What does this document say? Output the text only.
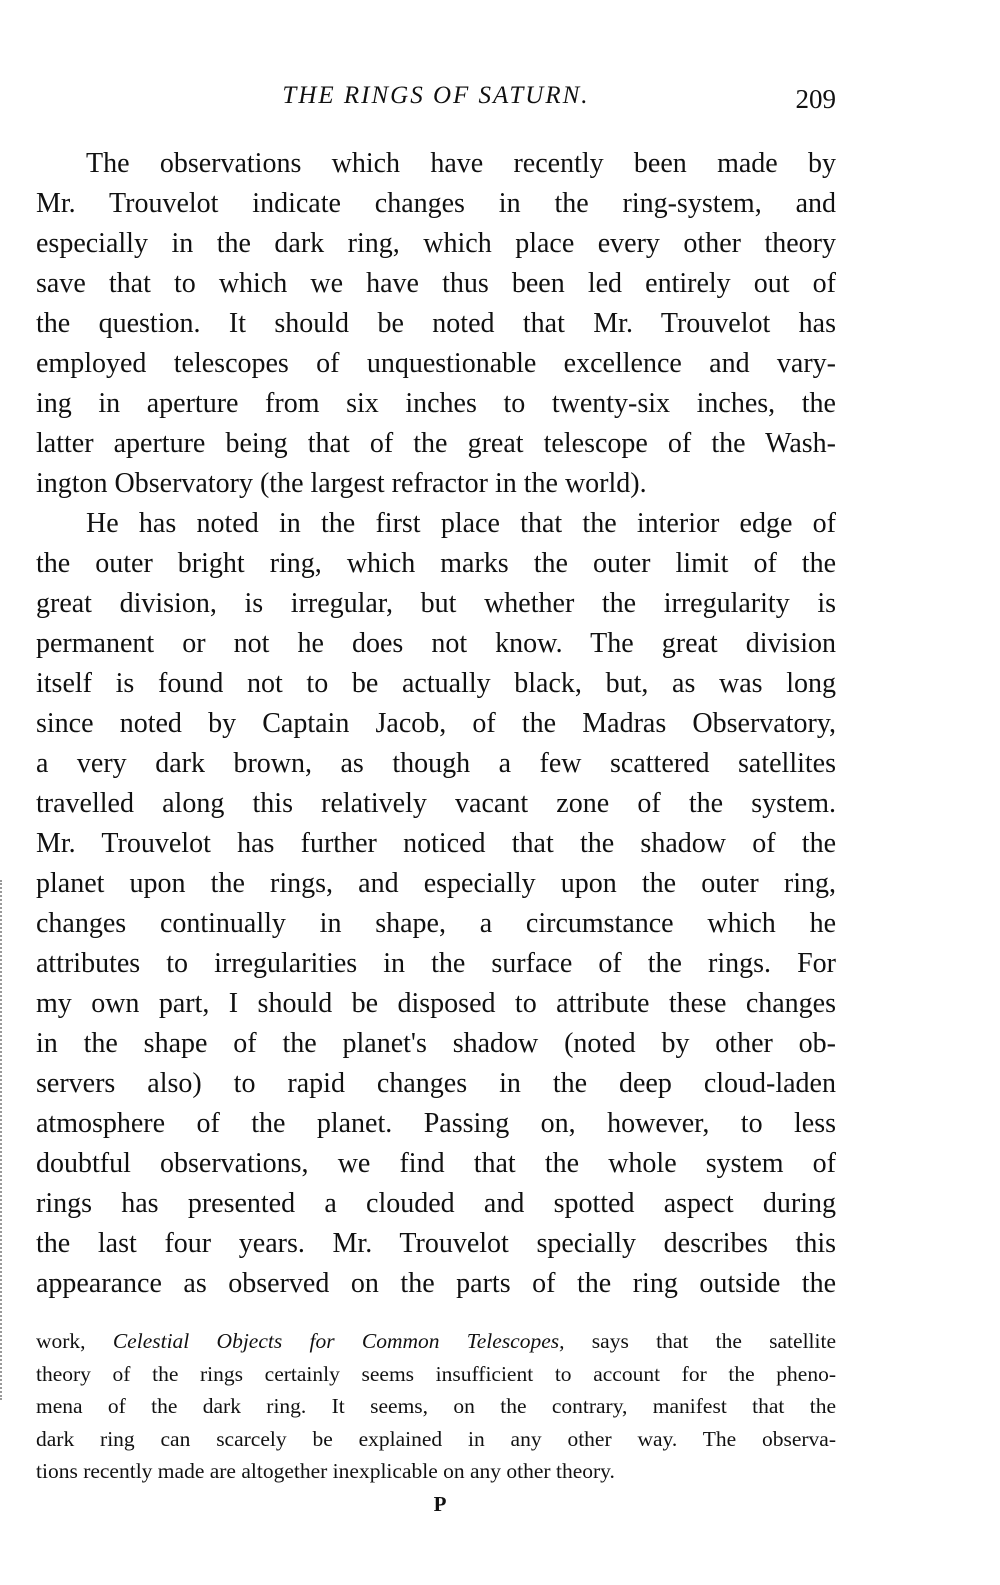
THE RINGS OF SATURN.	209
The observations which have recently been made by
Mr. Trouvelot indicate changes in the ring-system, and
especially in the dark ring, which place every other theory
save that to which we have thus been led entirely out of
the question. It should be noted that Mr. Trouvelot has
employed telescopes of unquestionable excellence and vary-
ing in aperture from six inches to twenty-six inches, the
latter aperture being that of the great telescope of the Wash-
ington Observatory (the largest refractor in the world).
He has noted in the first place that the interior edge of
the outer bright ring, which marks the outer limit of the
great division, is irregular, but whether the irregularity is
permanent or not he does not know. The great division
itself is found not to be actually black, but, as was long
since noted by Captain Jacob, of the Madras Observatory,
a very dark brown, as though a few scattered satellites
travelled along this relatively vacant zone of the system.
Mr. Trouvelot has further noticed that the shadow of the
planet upon the rings, and especially upon the outer ring,
changes continually in shape, a circumstance which he
attributes to irregularities in the surface of the rings. For
my own part, I should be disposed to attribute these changes
in the shape of the planet's shadow (noted by other ob-
servers also) to rapid changes in the deep cloud-laden
atmosphere of the planet. Passing on, however, to less
doubtful observations, we find that the whole system of
rings has presented a clouded and spotted aspect during
the last four years. Mr. Trouvelot specially describes this
appearance as observed on the parts of the ring outside the
work, Celestial Objects for Common Telescopes, says that the satellite
theory of the rings certainly seems insufficient to account for the pheno-
mena of the dark ring. It seems, on the contrary, manifest that the
dark ring can scarcely be explained in any other way. The observa-
tions recently made are altogether inexplicable on any other theory.
P
